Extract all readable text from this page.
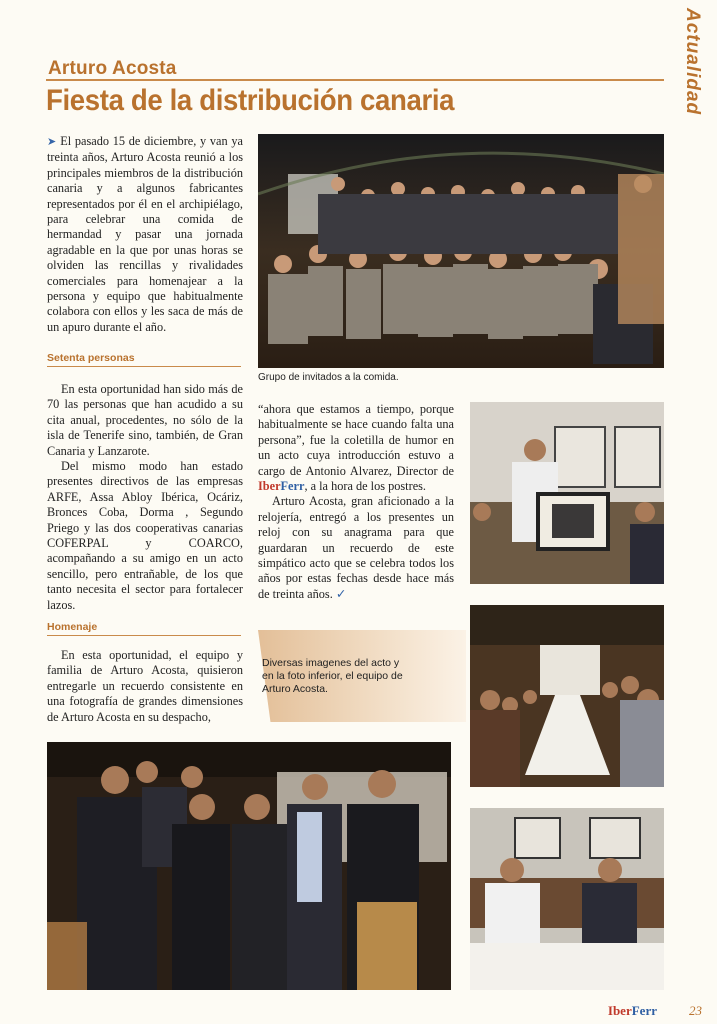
Actualidad

Arturo Acosta
Fiesta de la distribución canaria

➤ El pasado 15 de diciembre, y van ya treinta años, Arturo Acosta reunió a los principales miembros de la distribución canaria y a algunos fabricantes representados por él en el archipiélago, para celebrar una comida de hermandad y pasar una jornada agradable en la que por unas horas se olviden las rencillas y rivalidades comerciales para homenajear a la persona y equipo que habitualmente colabora con ellos y les saca de más de un apuro durante el año.

Setenta personas

En esta oportunidad han sido más de 70 las personas que han acudido a su cita anual, procedentes, no sólo de la isla de Tenerife sino, también, de Gran Canaria y Lanzarote.

Del mismo modo han estado presentes directivos de las empresas ARFE, Assa Abloy Ibérica, Ocáriz, Bronces Coba, Dorma , Segundo Priego y las dos cooperativas canarias COFERPAL y COARCO, acompañando a su amigo en un acto sencillo, pero entrañable, de los que tanto necesita el sector para fortalecer lazos.

Homenaje

En esta oportunidad, el equipo y familia de Arturo Acosta, quisieron entregarle un recuerdo consistente en una fotografía de grandes dimensiones de Arturo Acosta en su despacho,

“ahora que estamos a tiempo, porque habitualmente se hace cuando falta una persona”, fue la coletilla de humor en un acto cuya introducción estuvo a cargo de Antonio Alvarez, Director de IberFerr, a la hora de los postres.

Arturo Acosta, gran aficionado a la relojería, entregó a los presentes un reloj con su anagrama para que guardaran un recuerdo de este simpático acto que se celebra todos los años por estas fechas desde hace más de treinta años. ✓

Grupo de invitados a la comida.
Diversas imagenes del acto y en la foto inferior, el equipo de Arturo Acosta.
IberFerr 23
